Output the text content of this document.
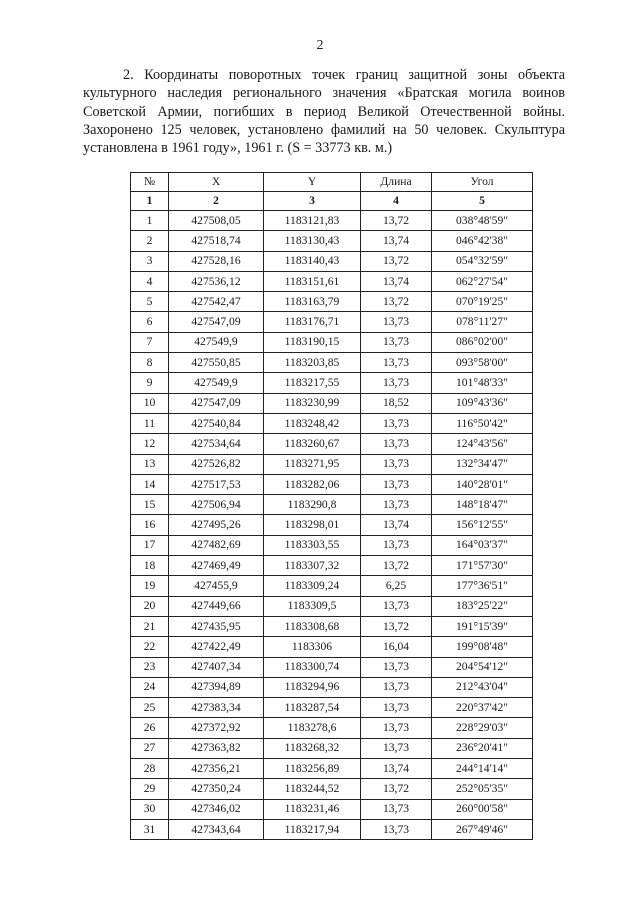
2
2. Координаты поворотных точек границ защитной зоны объекта
культурного наследия регионального значения «Братская могила воинов
Советской Армии, погибших в период Великой Отечественной войны.
Захоронено 125 человек, установлено фамилий на 50 человек. Скульптура
установлена в 1961 году», 1961 г. (S = 33773 кв. м.)
№	X	Y	Длина	Угол
1	2	3	4	5
1	427508,05	1183121,83	13,72	038°48'59"
2	427518,74	1183130,43	13,74	046°42'38"
3	427528,16	1183140,43	13,72	054°32'59"
4	427536,12	1183151,61	13,74	062°27'54"
5	427542,47	1183163,79	13,72	070°19'25"
6	427547,09	1183176,71	13,73	078°11'27"
7	427549,9	1183190,15	13,73	086°02'00"
8	427550,85	1183203,85	13,73	093°58'00"
9	427549,9	1183217,55	13,73	101°48'33"
10	427547,09	1183230,99	18,52	109°43'36"
11	427540,84	1183248,42	13,73	116°50'42"
12	427534,64	1183260,67	13,73	124°43'56"
13	427526,82	1183271,95	13,73	132°34'47"
14	427517,53	1183282,06	13,73	140°28'01"
15	427506,94	1183290,8	13,73	148°18'47"
16	427495,26	1183298,01	13,74	156°12'55"
17	427482,69	1183303,55	13,73	164°03'37"
18	427469,49	1183307,32	13,72	171°57'30"
19	427455,9	1183309,24	6,25	177°36'51"
20	427449,66	1183309,5	13,73	183°25'22"
21	427435,95	1183308,68	13,72	191°15'39"
22	427422,49	1183306	16,04	199°08'48"
23	427407,34	1183300,74	13,73	204°54'12"
24	427394,89	1183294,96	13,73	212°43'04"
25	427383,34	1183287,54	13,73	220°37'42"
26	427372,92	1183278,6	13,73	228°29'03"
27	427363,82	1183268,32	13,73	236°20'41"
28	427356,21	1183256,89	13,74	244°14'14"
29	427350,24	1183244,52	13,72	252°05'35"
30	427346,02	1183231,46	13,73	260°00'58"
31	427343,64	1183217,94	13,73	267°49'46"
